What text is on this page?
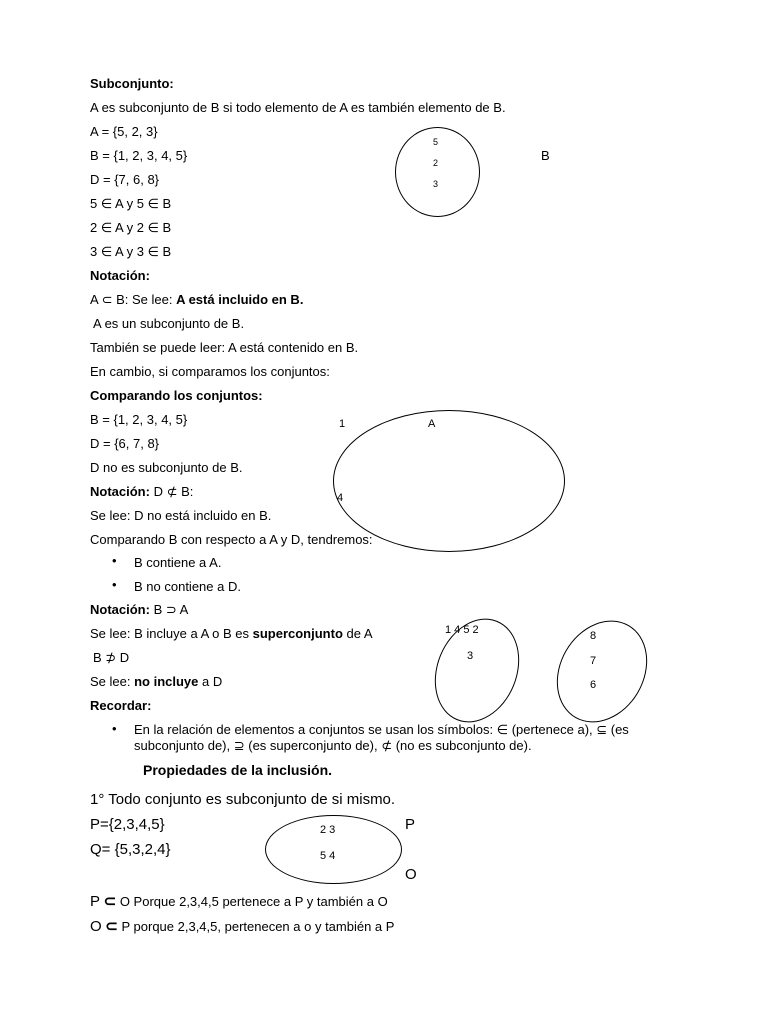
Subconjunto:
A es subconjunto de B si todo elemento de A es también elemento de B.
A = {5, 2, 3}
B = {1, 2, 3, 4, 5}
D = {7, 6, 8}
5 ∈ A y 5 ∈ B
2 ∈ A y 2 ∈ B
3 ∈ A y 3 ∈ B
5
2
3
B
Notación:
A ⊂ B: Se lee: A está incluido en B.
A es un subconjunto de B.
También se puede leer: A está contenido en B.
En cambio, si comparamos los conjuntos:
Comparando los conjuntos:
B = {1, 2, 3, 4, 5}
D = {6, 7, 8}
D no es subconjunto de B.
Notación: D ⊄ B:
Se lee: D no está incluido en B.
Comparando B con respecto a A y D, tendremos:
• B contiene a A.
• B no contiene a D.
1	A
4
Notación: B ⊃ A
Se lee: B incluye a A o B es superconjunto de A
B ⊅ D
Se lee: no incluye a D
Recordar:
• En la relación de elementos a conjuntos se usan los símbolos: ∈ (pertenece a), ⊆ (es
subconjunto de), ⊇ (es superconjunto de), ⊄ (no es subconjunto de).
1 4 5 2
3
8
7
6
Propiedades de la inclusión.
1° Todo conjunto es subconjunto de si mismo.
P={2,3,4,5}
Q= {5,3,2,4}
2 3
5 4
P
O
P ⊂ O Porque 2,3,4,5 pertenece a P y también a O
O ⊂ P porque 2,3,4,5, pertenecen a o y también a P
